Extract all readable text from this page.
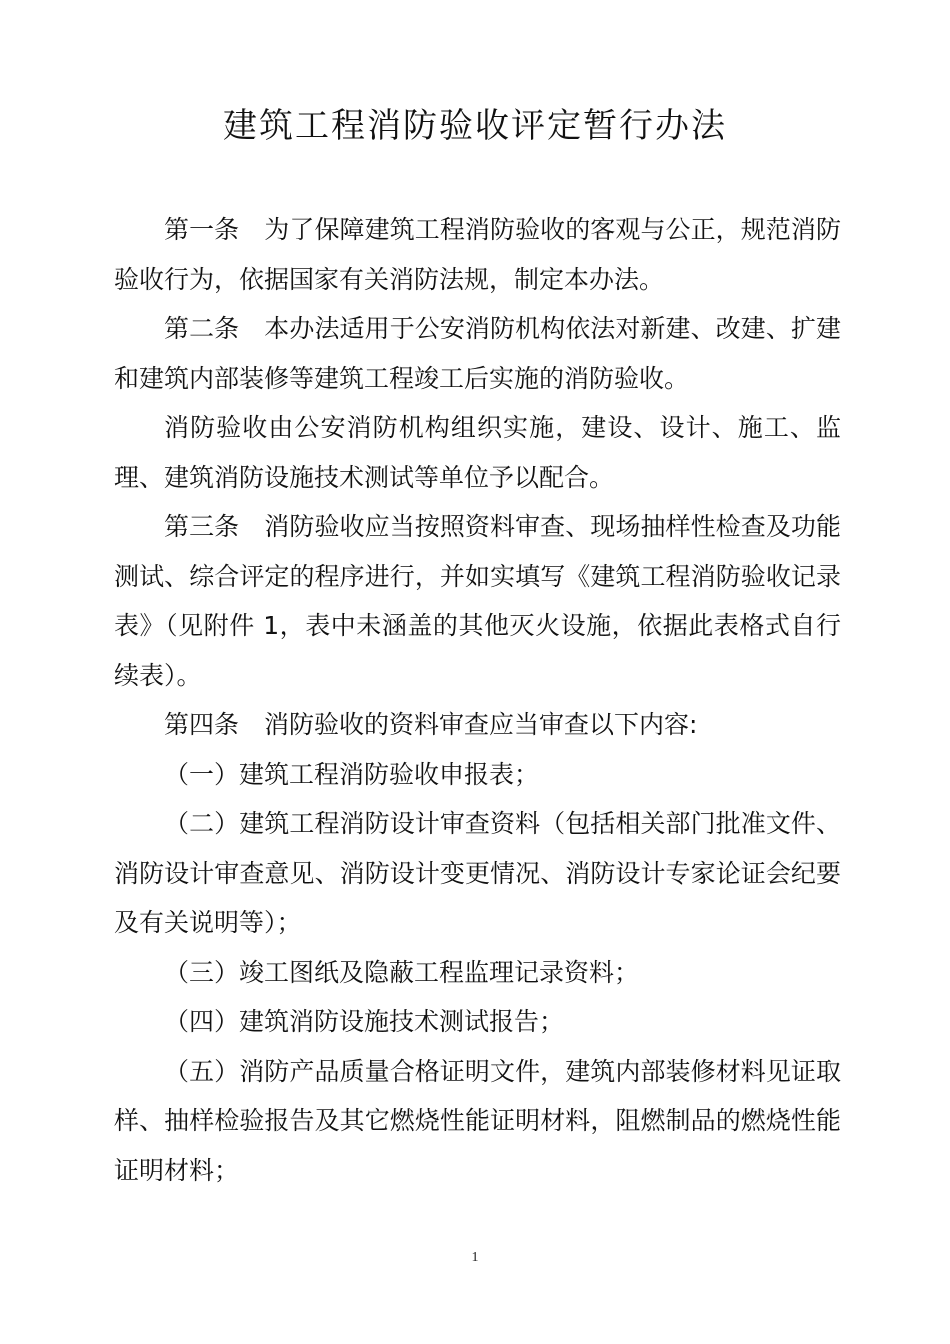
建筑工程消防验收评定暂行办法

第一条　为了保障建筑工程消防验收的客观与公正，规范消防验收行为，依据国家有关消防法规，制定本办法。

第二条　本办法适用于公安消防机构依法对新建、改建、扩建和建筑内部装修等建筑工程竣工后实施的消防验收。

消防验收由公安消防机构组织实施，建设、设计、施工、监理、建筑消防设施技术测试等单位予以配合。

第三条　消防验收应当按照资料审查、现场抽样性检查及功能测试、综合评定的程序进行，并如实填写《建筑工程消防验收记录表》（见附件 1，表中未涵盖的其他灭火设施，依据此表格式自行续表）。

第四条　消防验收的资料审查应当审查以下内容:

（一）建筑工程消防验收申报表；

（二）建筑工程消防设计审查资料（包括相关部门批准文件、消防设计审查意见、消防设计变更情况、消防设计专家论证会纪要及有关说明等）；

（三）竣工图纸及隐蔽工程监理记录资料；

（四）建筑消防设施技术测试报告；

（五）消防产品质量合格证明文件，建筑内部装修材料见证取样、抽样检验报告及其它燃烧性能证明材料，阻燃制品的燃烧性能证明材料；

1
